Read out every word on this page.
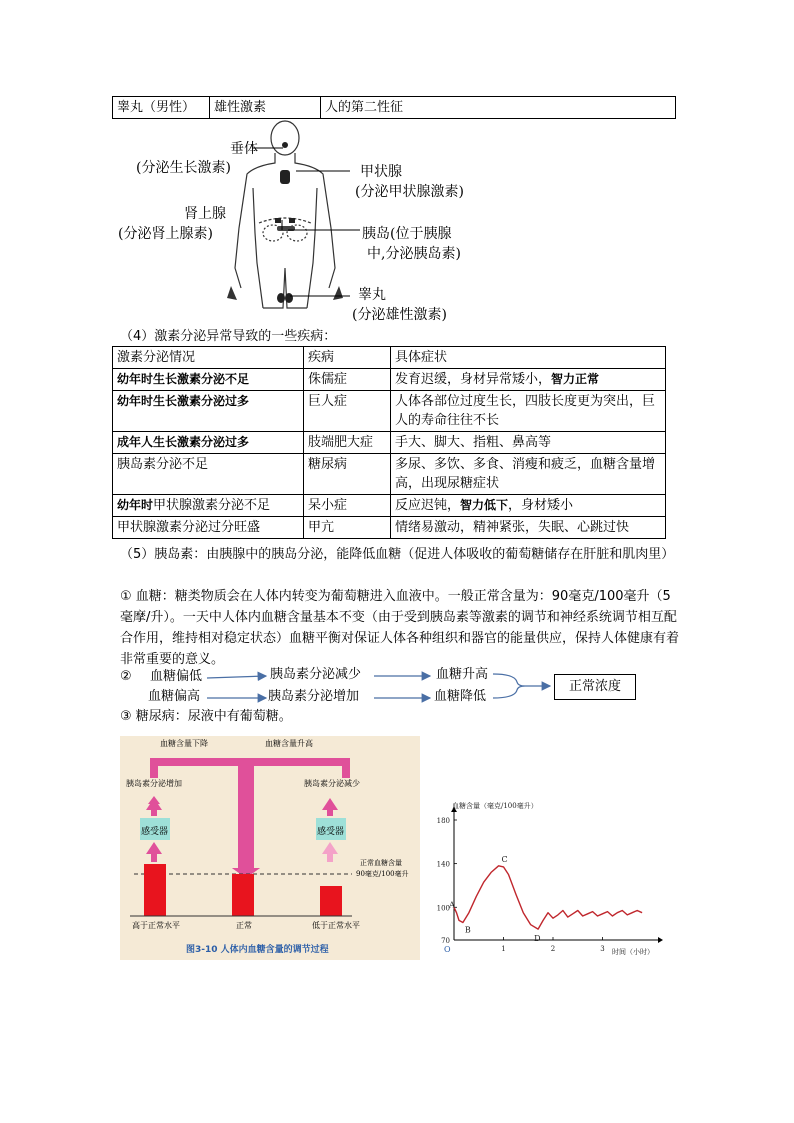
睾丸（男性）	雄性激素	人的第二性征
垂体
(分泌生长激素)	甲状腺
(分泌甲状腺激素)
肾上腺
(分泌肾上腺素)	胰岛(位于胰腺
中,分泌胰岛素)
睾丸
(分泌雄性激素)
（4）激素分泌异常导致的一些疾病：
激素分泌情况	疾病	具体症状
幼年时生长激素分泌不足	侏儒症	发育迟缓，身材异常矮小，智力正常
幼年时生长激素分泌过多	巨人症	人体各部位过度生长，四肢长度更为突出，巨人的寿命往往不长
成年人生长激素分泌过多	肢端肥大症	手大、脚大、指粗、鼻高等
胰岛素分泌不足	糖尿病	多尿、多饮、多食、消瘦和疲乏，血糖含量增高，出现尿糖症状
幼年时甲状腺激素分泌不足	呆小症	反应迟钝，智力低下，身材矮小
甲状腺激素分泌过分旺盛	甲亢	情绪易激动，精神紧张，失眠、心跳过快
（5）胰岛素：由胰腺中的胰岛分泌，能降低血糖（促进人体吸收的葡萄糖储存在肝脏和肌肉里）
① 血糖：糖类物质会在人体内转变为葡萄糖进入血液中。一般正常含量为：90毫克/100毫升（5毫摩/升）。一天中人体内血糖含量基本不变（由于受到胰岛素等激素的调节和神经系统调节相互配合作用，维持相对稳定状态）血糖平衡对保证人体各种组织和器官的能量供应，保持人体健康有着非常重要的意义。
② 血糖偏低	胰岛素分泌减少	血糖升高
血糖偏高	胰岛素分泌增加	血糖降低
正常浓度
③ 糖尿病：尿液中有葡萄糖。
血糖含量下降	血糖含量升高
胰岛素分泌增加	胰岛素分泌减少
感受器	感受器
正常血糖含量
90毫克/100毫升
高于正常水平	正常	低于正常水平
图3-10 人体内血糖含量的调节过程
血糖含量（毫克/100毫升）
时间（小时）
O
70
100
140
180
1	2	3
A
B
C
D
